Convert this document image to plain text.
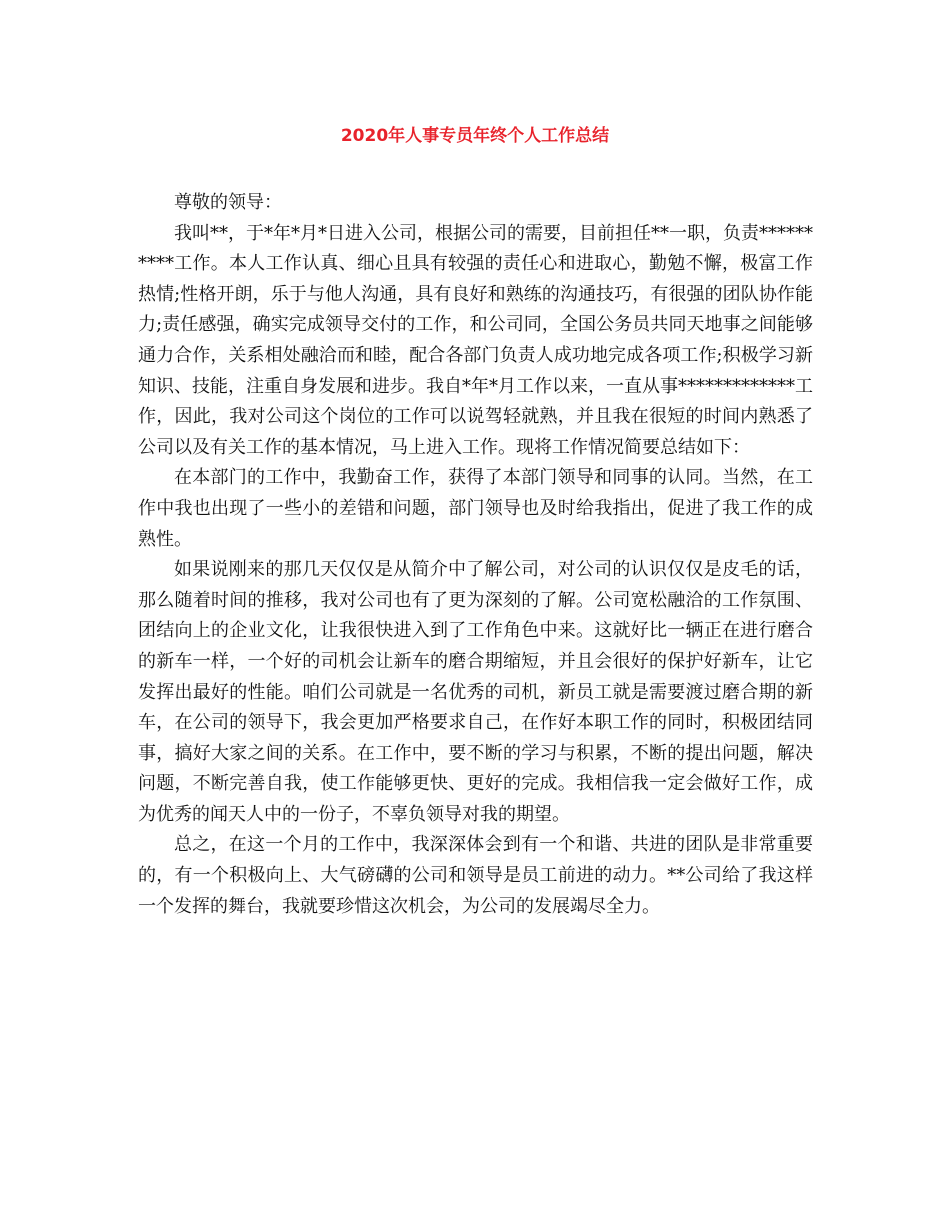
2020年人事专员年终个人工作总结

尊敬的领导：

我叫**，于*年*月*日进入公司，根据公司的需要，目前担任**一职，负责**********工作。本人工作认真、细心且具有较强的责任心和进取心，勤勉不懈，极富工作热情;性格开朗，乐于与他人沟通，具有良好和熟练的沟通技巧，有很强的团队协作能力;责任感强，确实完成领导交付的工作，和公司同，全国公务员共同天地事之间能够通力合作，关系相处融洽而和睦，配合各部门负责人成功地完成各项工作;积极学习新知识、技能，注重自身发展和进步。我自*年*月工作以来，一直从事*************工作，因此，我对公司这个岗位的工作可以说驾轻就熟，并且我在很短的时间内熟悉了公司以及有关工作的基本情况，马上进入工作。现将工作情况简要总结如下：

在本部门的工作中，我勤奋工作，获得了本部门领导和同事的认同。当然，在工作中我也出现了一些小的差错和问题，部门领导也及时给我指出，促进了我工作的成熟性。

如果说刚来的那几天仅仅是从简介中了解公司，对公司的认识仅仅是皮毛的话，那么随着时间的推移，我对公司也有了更为深刻的了解。公司宽松融洽的工作氛围、团结向上的企业文化，让我很快进入到了工作角色中来。这就好比一辆正在进行磨合的新车一样，一个好的司机会让新车的磨合期缩短，并且会很好的保护好新车，让它发挥出最好的性能。咱们公司就是一名优秀的司机，新员工就是需要渡过磨合期的新车，在公司的领导下，我会更加严格要求自己，在作好本职工作的同时，积极团结同事，搞好大家之间的关系。在工作中，要不断的学习与积累，不断的提出问题，解决问题，不断完善自我，使工作能够更快、更好的完成。我相信我一定会做好工作，成为优秀的闻天人中的一份子，不辜负领导对我的期望。

总之，在这一个月的工作中，我深深体会到有一个和谐、共进的团队是非常重要的，有一个积极向上、大气磅礴的公司和领导是员工前进的动力。**公司给了我这样一个发挥的舞台，我就要珍惜这次机会，为公司的发展竭尽全力。
